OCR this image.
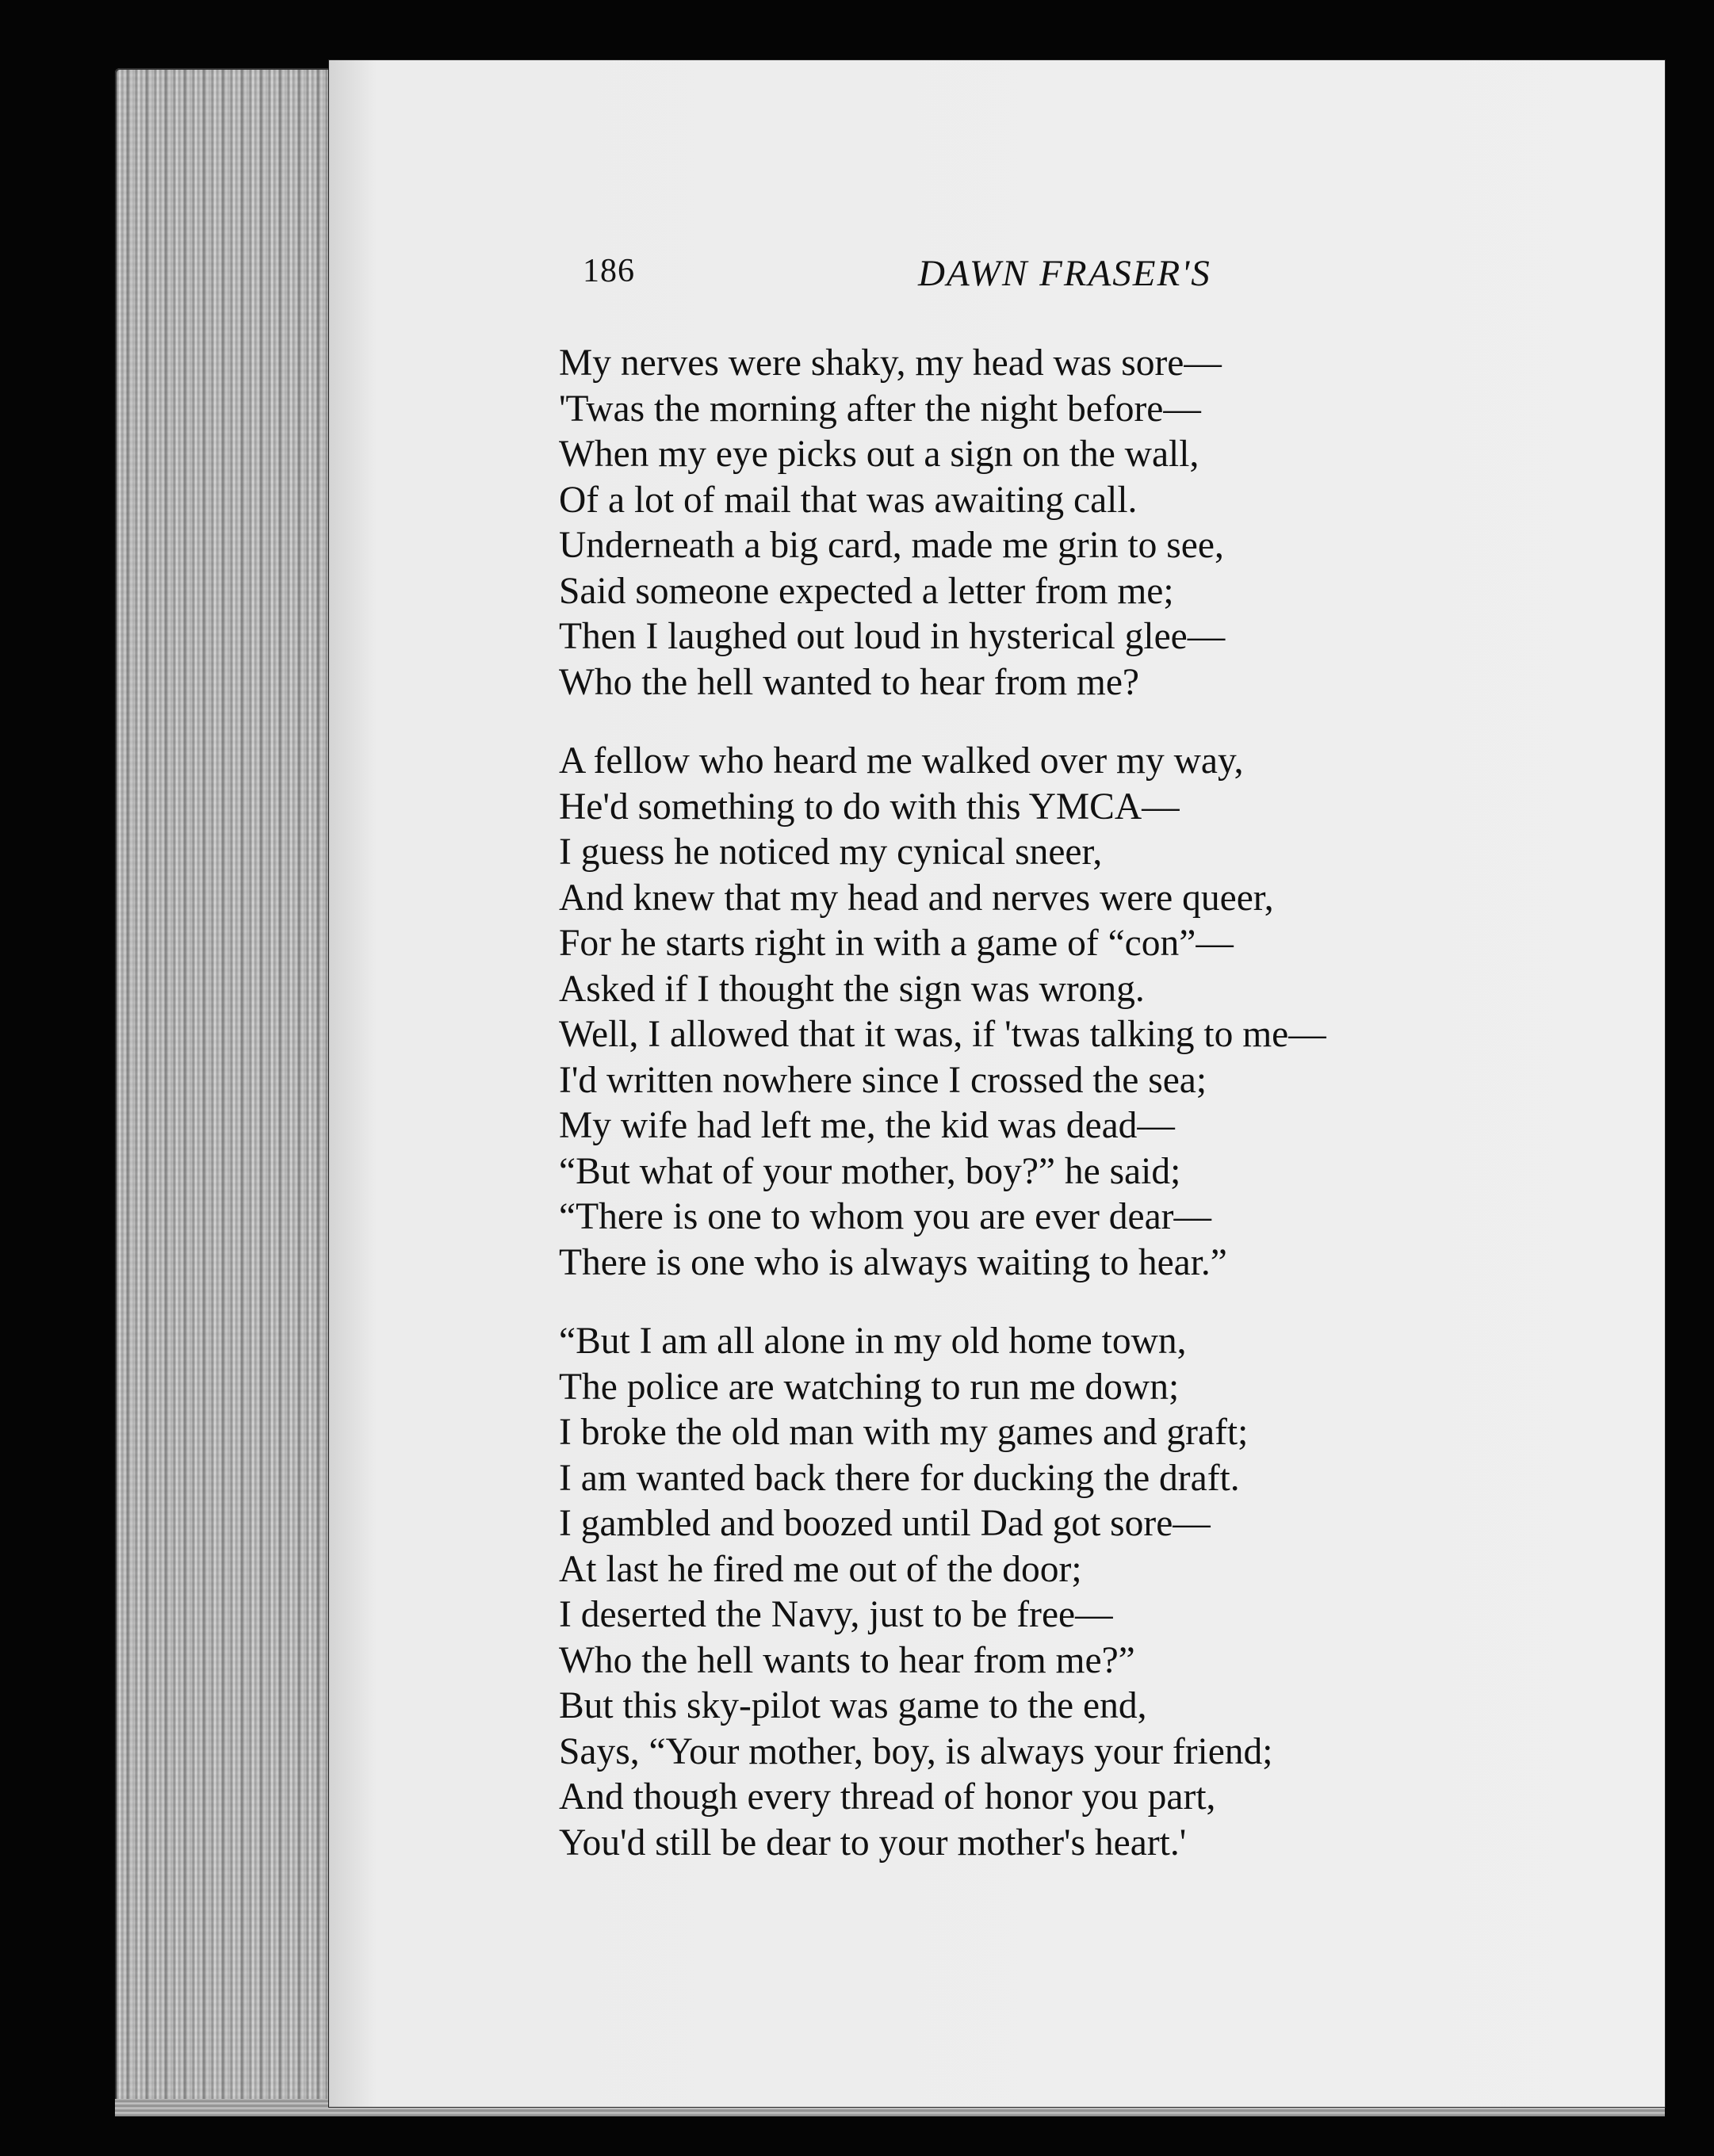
186	DAWN FRASER'S
My nerves were shaky, my head was sore—
'Twas the morning after the night before—
When my eye picks out a sign on the wall,
Of a lot of mail that was awaiting call.
Underneath a big card, made me grin to see,
Said someone expected a letter from me;
Then I laughed out loud in hysterical glee—
Who the hell wanted to hear from me?
A fellow who heard me walked over my way,
He'd something to do with this YMCA—
I guess he noticed my cynical sneer,
And knew that my head and nerves were queer,
For he starts right in with a game of “con”—
Asked if I thought the sign was wrong.
Well, I allowed that it was, if 'twas talking to me—
I'd written nowhere since I crossed the sea;
My wife had left me, the kid was dead—
“But what of your mother, boy?” he said;
“There is one to whom you are ever dear—
There is one who is always waiting to hear.”
“But I am all alone in my old home town,
The police are watching to run me down;
I broke the old man with my games and graft;
I am wanted back there for ducking the draft.
I gambled and boozed until Dad got sore—
At last he fired me out of the door;
I deserted the Navy, just to be free—
Who the hell wants to hear from me?”
But this sky-pilot was game to the end,
Says, “Your mother, boy, is always your friend;
And though every thread of honor you part,
You'd still be dear to your mother's heart.'
